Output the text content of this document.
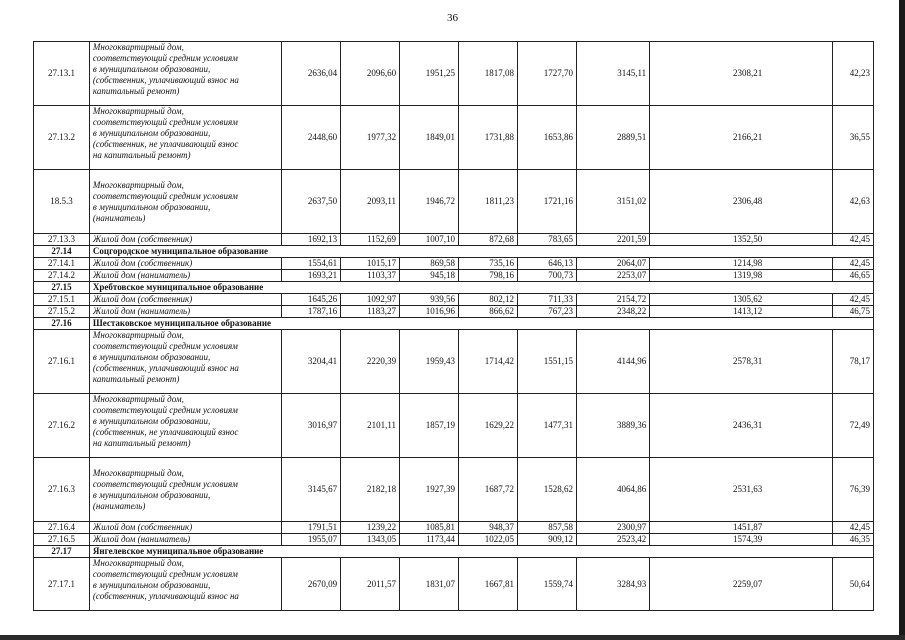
36
27.13.1	Многоквартирный дом,
соответствующий средним условиям
в муниципальном образовании,
(собственник, уплачивающий взнос на
капитальный ремонт)	2636,04	2096,60	1951,25	1817,08	1727,70	3145,11	2308,21	42,23
27.13.2	Многоквартирный дом,
соответствующий средним условиям
в муниципальном образовании,
(собственник, не уплачивающий взнос
на капитальный ремонт)	2448,60	1977,32	1849,01	1731,88	1653,86	2889,51	2166,21	36,55
18.5.3	Многоквартирный дом,
соответствующий средним условиям
в муниципальном образовании,
(наниматель)	2637,50	2093,11	1946,72	1811,23	1721,16	3151,02	2306,48	42,63
27.13.3	Жилой дом (собственник)	1692,13	1152,69	1007,10	872,68	783,65	2201,59	1352,50	42,45
27.14	Соцгородское муниципальное образование								
27.14.1	Жилой дом (собственник)	1554,61	1015,17	869,58	735,16	646,13	2064,07	1214,98	42,45
27.14.2	Жилой дом (наниматель)	1693,21	1103,37	945,18	798,16	700,73	2253,07	1319,98	46,65
27.15	Хребтовское муниципальное образование								
27.15.1	Жилой дом (собственник)	1645,26	1092,97	939,56	802,12	711,33	2154,72	1305,62	42,45
27.15.2	Жилой дом (наниматель)	1787,16	1183,27	1016,96	866,62	767,23	2348,22	1413,12	46,75
27.16	Шестаковское муниципальное образование								
27.16.1	Многоквартирный дом,
соответствующий средним условиям
в муниципальном образовании,
(собственник, уплачивающий взнос на
капитальный ремонт)	3204,41	2220,39	1959,43	1714,42	1551,15	4144,96	2578,31	78,17
27.16.2	Многоквартирный дом,
соответствующий средним условиям
в муниципальном образовании,
(собственник, не уплачивающий взнос
на капитальный ремонт)	3016,97	2101,11	1857,19	1629,22	1477,31	3889,36	2436,31	72,49
27.16.3	Многоквартирный дом,
соответствующий средним условиям
в муниципальном образовании,
(наниматель)	3145,67	2182,18	1927,39	1687,72	1528,62	4064,86	2531,63	76,39
27.16.4	Жилой дом (собственник)	1791,51	1239,22	1085,81	948,37	857,58	2300,97	1451,87	42,45
27.16.5	Жилой дом (наниматель)	1955,07	1343,05	1173,44	1022,05	909,12	2523,42	1574,39	46,35
27.17	Янгелевское муниципальное образование								
27.17.1	Многоквартирный дом,
соответствующий средним условиям
в муниципальном образовании,
(собственник, уплачивающий взнос на	2670,09	2011,57	1831,07	1667,81	1559,74	3284,93	2259,07	50,64
